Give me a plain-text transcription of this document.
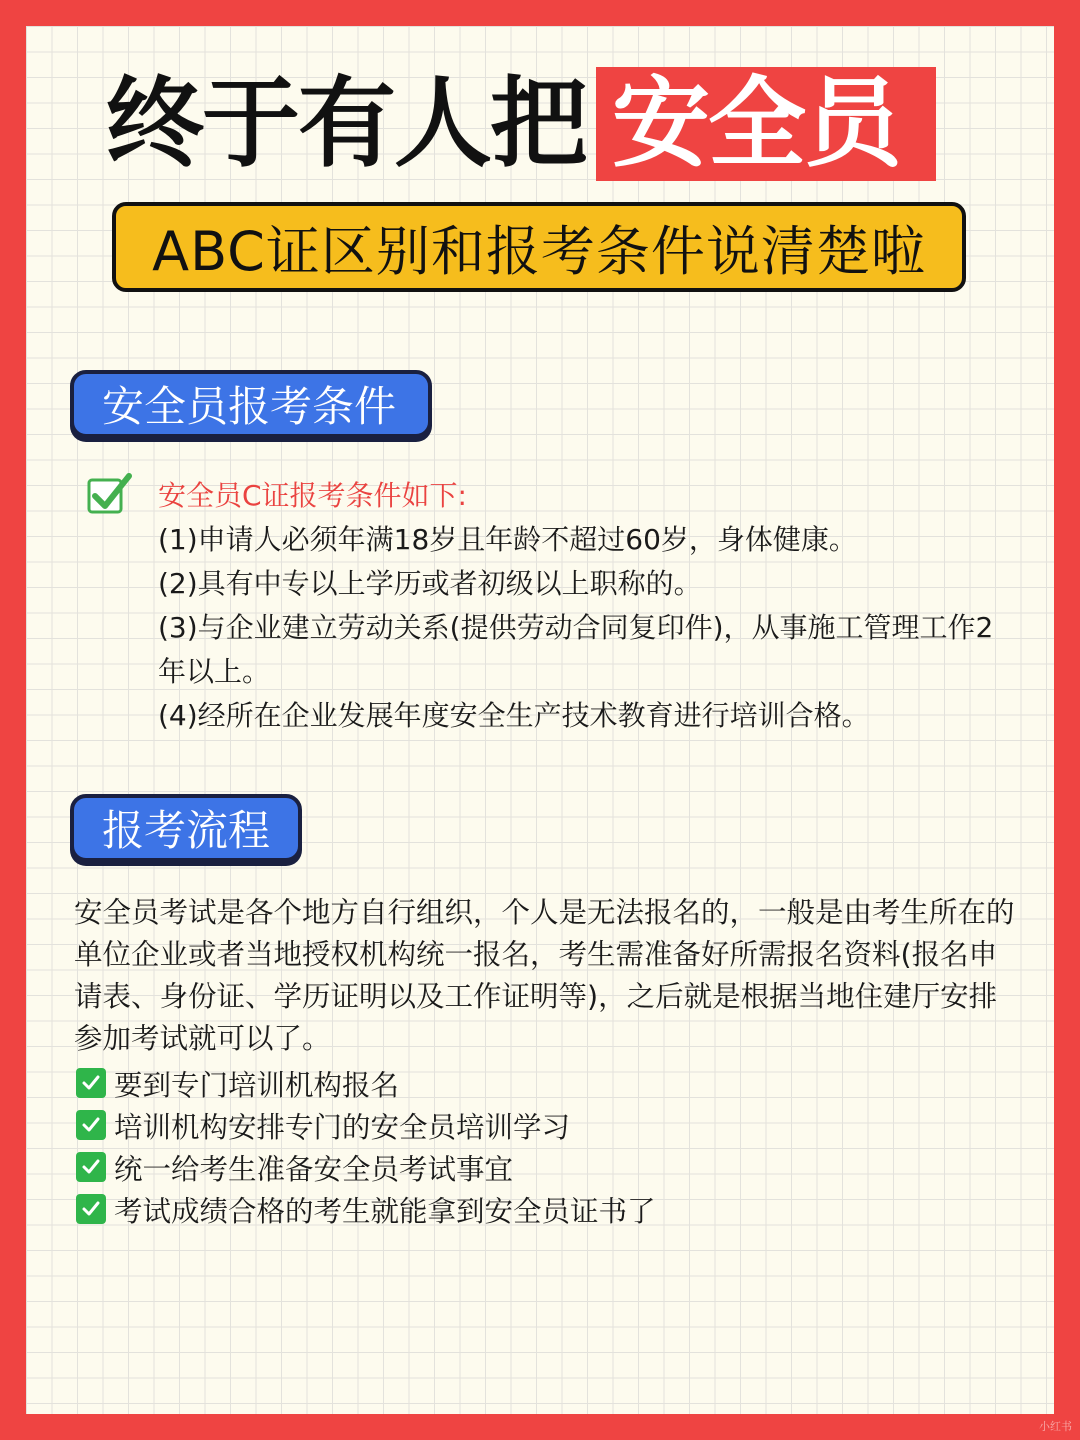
终于有人把 安全员
ABC证区别和报考条件说清楚啦
安全员报考条件
安全员C证报考条件如下:
(1)申请人必须年满18岁且年龄不超过60岁，身体健康。
(2)具有中专以上学历或者初级以上职称的。
(3)与企业建立劳动关系(提供劳动合同复印件)，从事施工管理工作2年以上。
(4)经所在企业发展年度安全生产技术教育进行培训合格。
报考流程

安全员考试是各个地方自行组织，个人是无法报名的，一般是由考生所在的单位企业或者当地授权机构统一报名，考生需准备好所需报名资料(报名申请表、身份证、学历证明以及工作证明等)，之后就是根据当地住建厅安排参加考试就可以了。

要到专门培训机构报名
培训机构安排专门的安全员培训学习
统一给考生准备安全员考试事宜
考试成绩合格的考生就能拿到安全员证书了
小红书
